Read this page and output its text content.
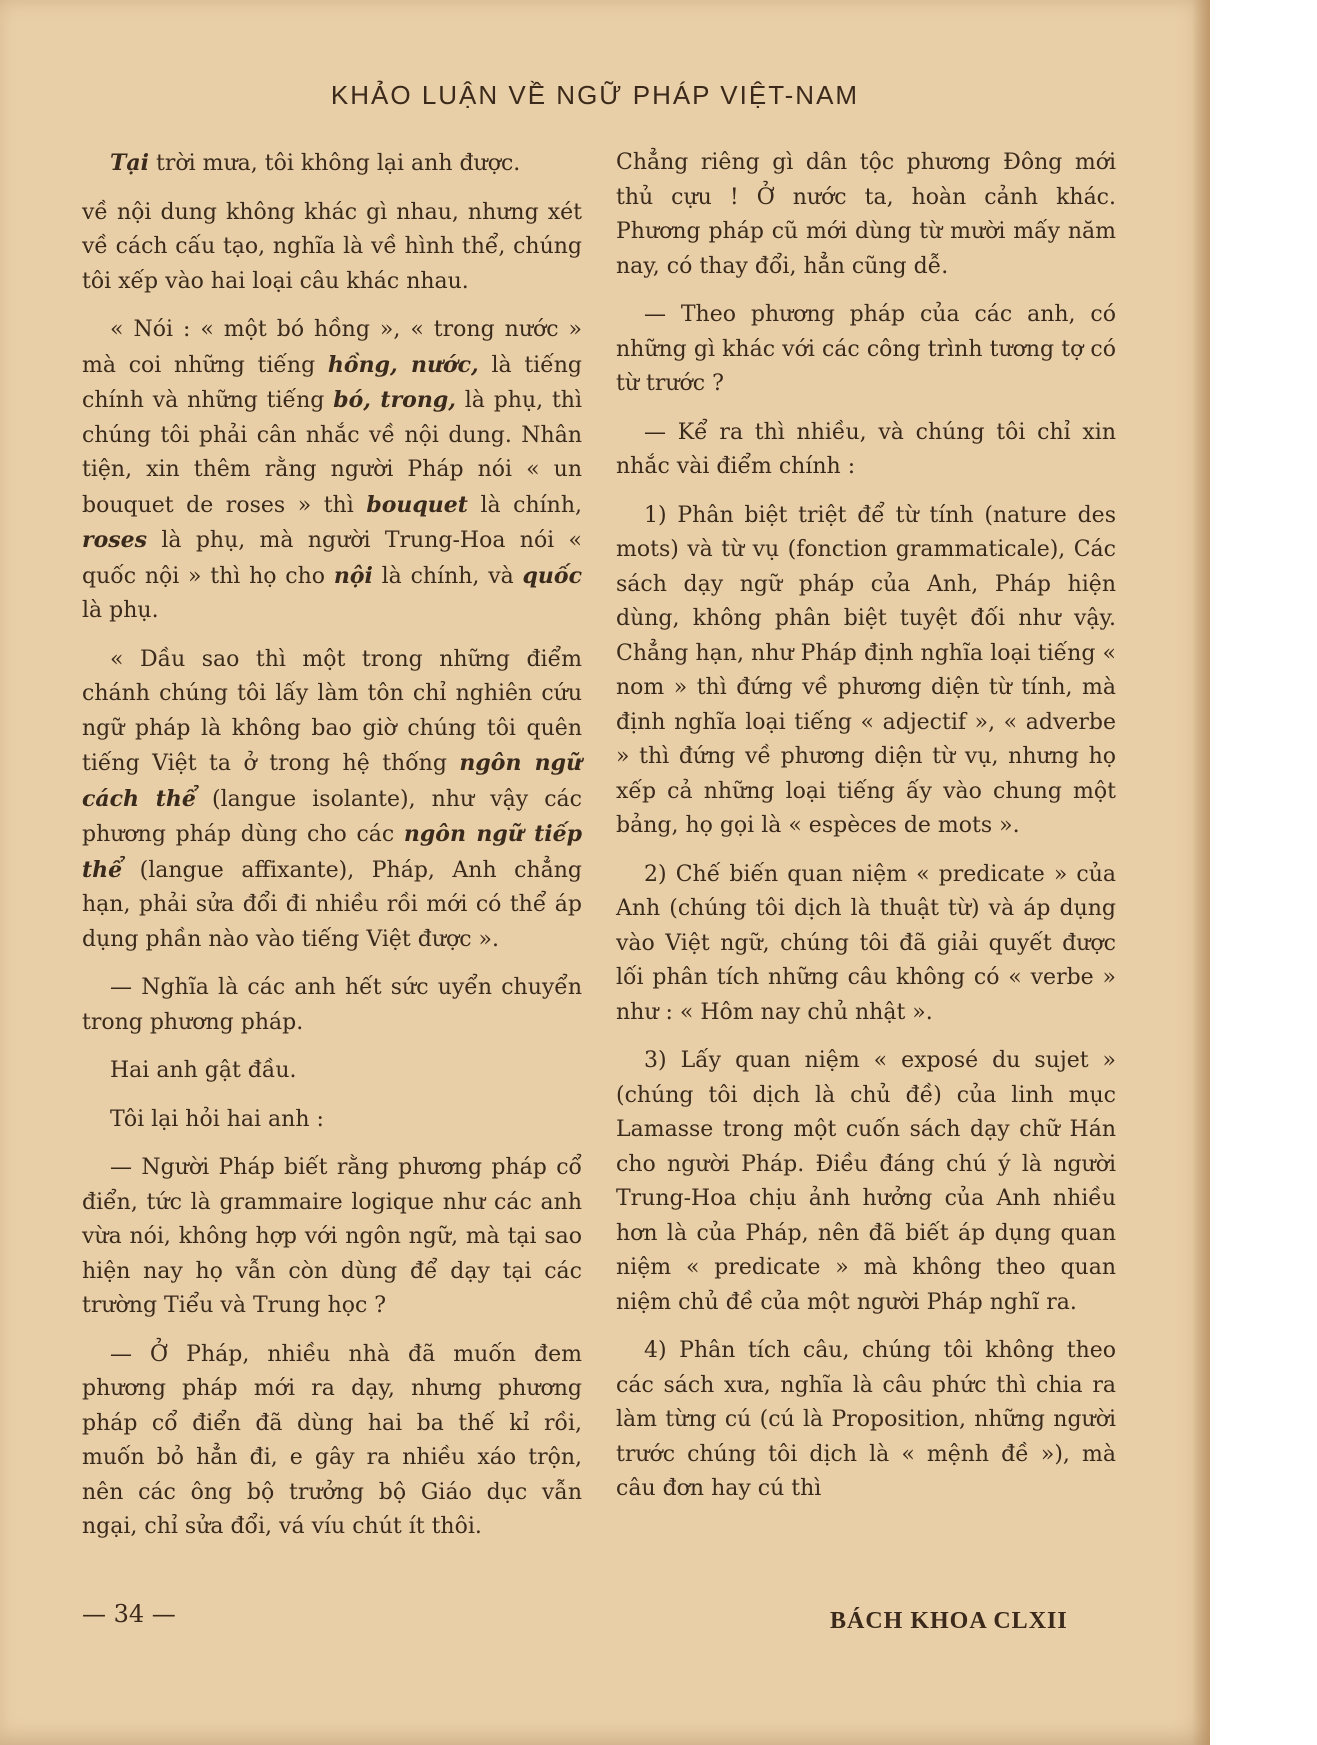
KHẢO LUẬN VỀ NGỮ PHÁP VIỆT-NAM

Tại trời mưa, tôi không lại anh được.

về nội dung không khác gì nhau, nhưng xét về cách cấu tạo, nghĩa là về hình thể, chúng tôi xếp vào hai loại câu khác nhau.

« Nói : « một bó hồng », « trong nước » mà coi những tiếng hồng, nước, là tiếng chính và những tiếng bó, trong, là phụ, thì chúng tôi phải cân nhắc về nội dung. Nhân tiện, xin thêm rằng người Pháp nói « un bouquet de roses » thì bouquet là chính, roses là phụ, mà người Trung-Hoa nói « quốc nội » thì họ cho nội là chính, và quốc là phụ.

« Dầu sao thì một trong những điểm chánh chúng tôi lấy làm tôn chỉ nghiên cứu ngữ pháp là không bao giờ chúng tôi quên tiếng Việt ta ở trong hệ thống ngôn ngữ cách thể (langue isolante), như vậy các phương pháp dùng cho các ngôn ngữ tiếp thể (langue affixante), Pháp, Anh chẳng hạn, phải sửa đổi đi nhiều rồi mới có thể áp dụng phần nào vào tiếng Việt được ».

— Nghĩa là các anh hết sức uyển chuyển trong phương pháp.

Hai anh gật đầu.

Tôi lại hỏi hai anh :

— Người Pháp biết rằng phương pháp cổ điển, tức là grammaire logique như các anh vừa nói, không hợp với ngôn ngữ, mà tại sao hiện nay họ vẫn còn dùng để dạy tại các trường Tiểu và Trung học ?

— Ở Pháp, nhiều nhà đã muốn đem phương pháp mới ra dạy, nhưng phương pháp cổ điển đã dùng hai ba thế kỉ rồi, muốn bỏ hẳn đi, e gây ra nhiều xáo trộn, nên các ông bộ trưởng bộ Giáo dục vẫn ngại, chỉ sửa đổi, vá víu chút ít thôi.

Chẳng riêng gì dân tộc phương Đông mới thủ cựu ! Ở nước ta, hoàn cảnh khác. Phương pháp cũ mới dùng từ mười mấy năm nay, có thay đổi, hẳn cũng dễ.

— Theo phương pháp của các anh, có những gì khác với các công trình tương tợ có từ trước ?

— Kể ra thì nhiều, và chúng tôi chỉ xin nhắc vài điểm chính :

1) Phân biệt triệt để từ tính (nature des mots) và từ vụ (fonction grammaticale), Các sách dạy ngữ pháp của Anh, Pháp hiện dùng, không phân biệt tuyệt đối như vậy. Chẳng hạn, như Pháp định nghĩa loại tiếng « nom » thì đứng về phương diện từ tính, mà định nghĩa loại tiếng « adjectif », « adverbe » thì đứng về phương diện từ vụ, nhưng họ xếp cả những loại tiếng ấy vào chung một bảng, họ gọi là « espèces de mots ».

2) Chế biến quan niệm « predicate » của Anh (chúng tôi dịch là thuật từ) và áp dụng vào Việt ngữ, chúng tôi đã giải quyết được lối phân tích những câu không có « verbe » như : « Hôm nay chủ nhật ».

3) Lấy quan niệm « exposé du sujet » (chúng tôi dịch là chủ đề) của linh mục Lamasse trong một cuốn sách dạy chữ Hán cho người Pháp. Điều đáng chú ý là người Trung-Hoa chịu ảnh hưởng của Anh nhiều hơn là của Pháp, nên đã biết áp dụng quan niệm « predicate » mà không theo quan niệm chủ đề của một người Pháp nghĩ ra.

4) Phân tích câu, chúng tôi không theo các sách xưa, nghĩa là câu phức thì chia ra làm từng cú (cú là Proposition, những người trước chúng tôi dịch là « mệnh đề »), mà câu đơn hay cú thì

— 34 —	BÁCH KHOA CLXII
